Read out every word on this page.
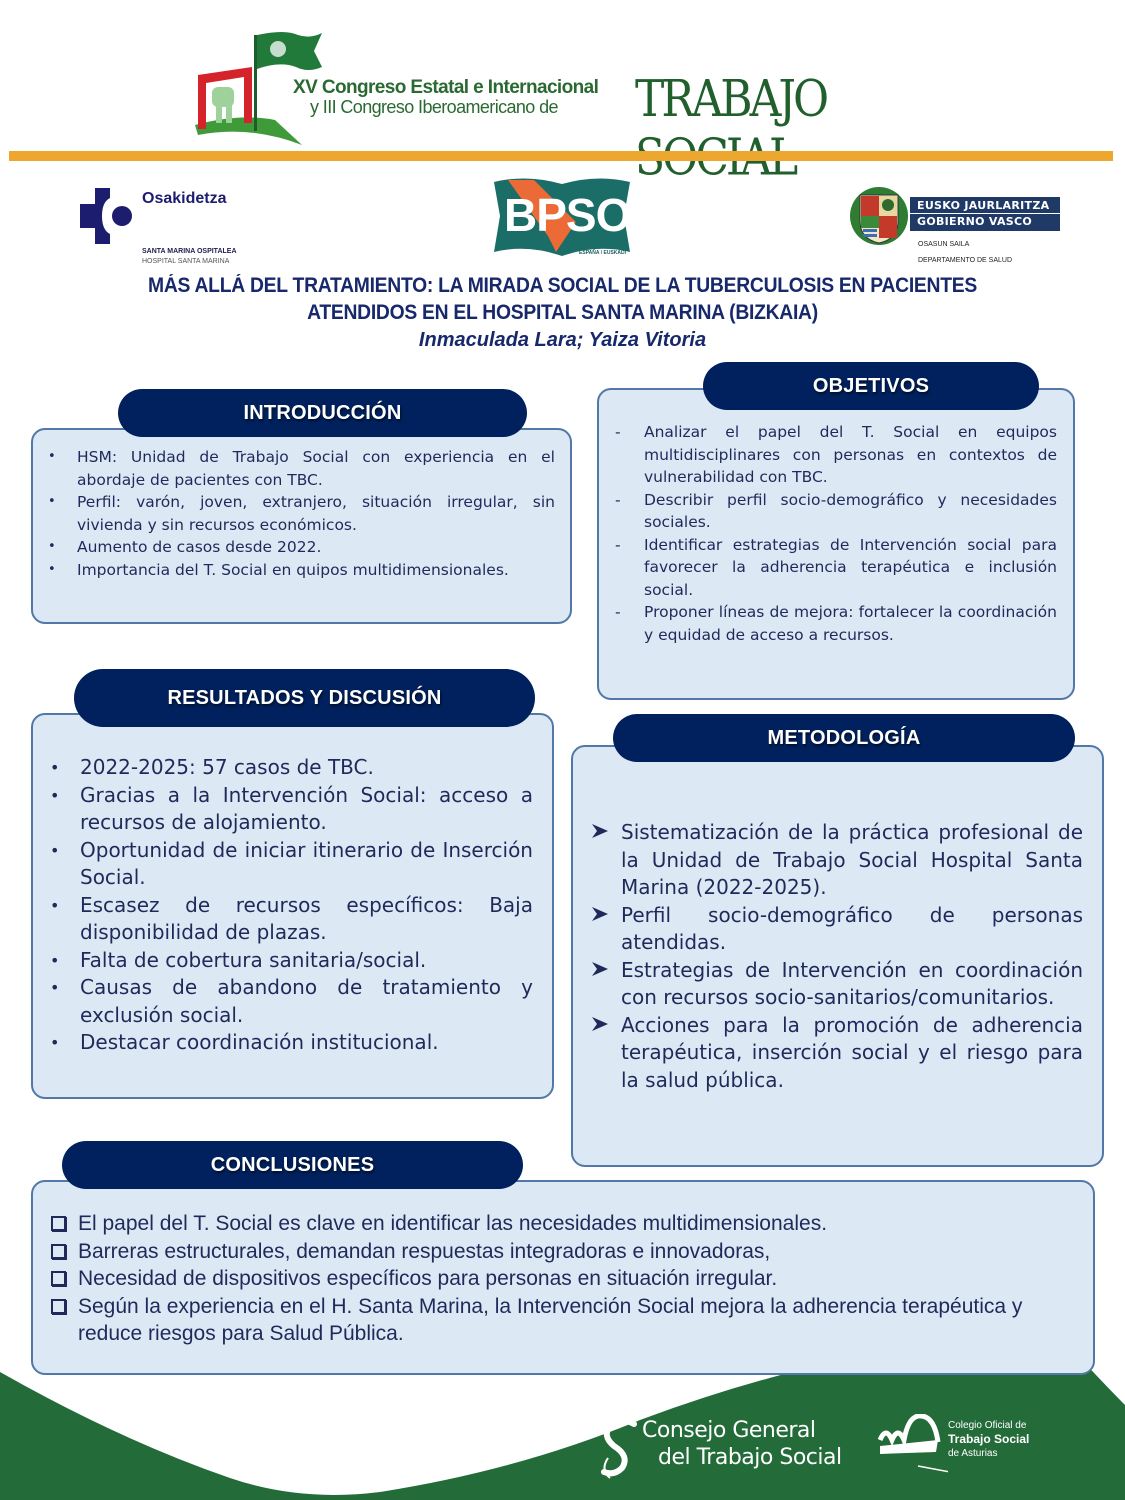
XV Congreso Estatal e Internacional
y III Congreso Iberoamericano de	TRABAJO
Osakidetza
SANTA MARINA OSPITALEA
HOSPITAL SANTA MARINA
BPSO
ESPAÑA / EUSKADI
EUSKO JAURLARITZA
GOBIERNO VASCO
OSASUN SAILA
DEPARTAMENTO DE SALUD
MÁS ALLÁ DEL TRATAMIENTO: LA MIRADA SOCIAL DE LA TUBERCULOSIS EN PACIENTES
ATENDIDOS EN EL HOSPITAL SANTA MARINA (BIZKAIA)
Inmaculada Lara; Yaiza Vitoria
INTRODUCCIÓN
• HSM: Unidad de Trabajo Social con experiencia en el abordaje de pacientes con TBC.
• Perfil: varón, joven, extranjero, situación irregular, sin vivienda y sin recursos económicos.
• Aumento de casos desde 2022.
• Importancia del T. Social en quipos multidimensionales.
OBJETIVOS
- Analizar el papel del T. Social en equipos multidisciplinares con personas en contextos de vulnerabilidad con TBC.
- Describir perfil socio-demográfico y necesidades sociales.
- Identificar estrategias de Intervención social para favorecer la adherencia terapéutica e inclusión social.
- Proponer líneas de mejora: fortalecer la coordinación y equidad de acceso a recursos.
RESULTADOS Y DISCUSIÓN
• 2022-2025: 57 casos de TBC.
• Gracias a la Intervención Social: acceso a recursos de alojamiento.
• Oportunidad de iniciar itinerario de Inserción Social.
• Escasez de recursos específicos: Baja disponibilidad de plazas.
• Falta de cobertura sanitaria/social.
• Causas de abandono de tratamiento y exclusión social.
• Destacar coordinación institucional.
METODOLOGÍA
Sistematización de la práctica profesional de la Unidad de Trabajo Social Hospital Santa Marina (2022-2025).
Perfil socio-demográfico de personas atendidas.
Estrategias de Intervención en coordinación con recursos socio-sanitarios/comunitarios.
Acciones para la promoción de adherencia terapéutica, inserción social y el riesgo para la salud pública.
CONCLUSIONES
El papel del T. Social es clave en identificar las necesidades multidimensionales.
Barreras estructurales, demandan respuestas integradoras e innovadoras,
Necesidad de dispositivos específicos para personas en situación irregular.
Según la experiencia en el H. Santa Marina, la Intervención Social mejora la adherencia terapéutica y reduce riesgos para Salud Pública.
Consejo General
del Trabajo Social
Colegio Oficial de
Trabajo Social
de Asturias
